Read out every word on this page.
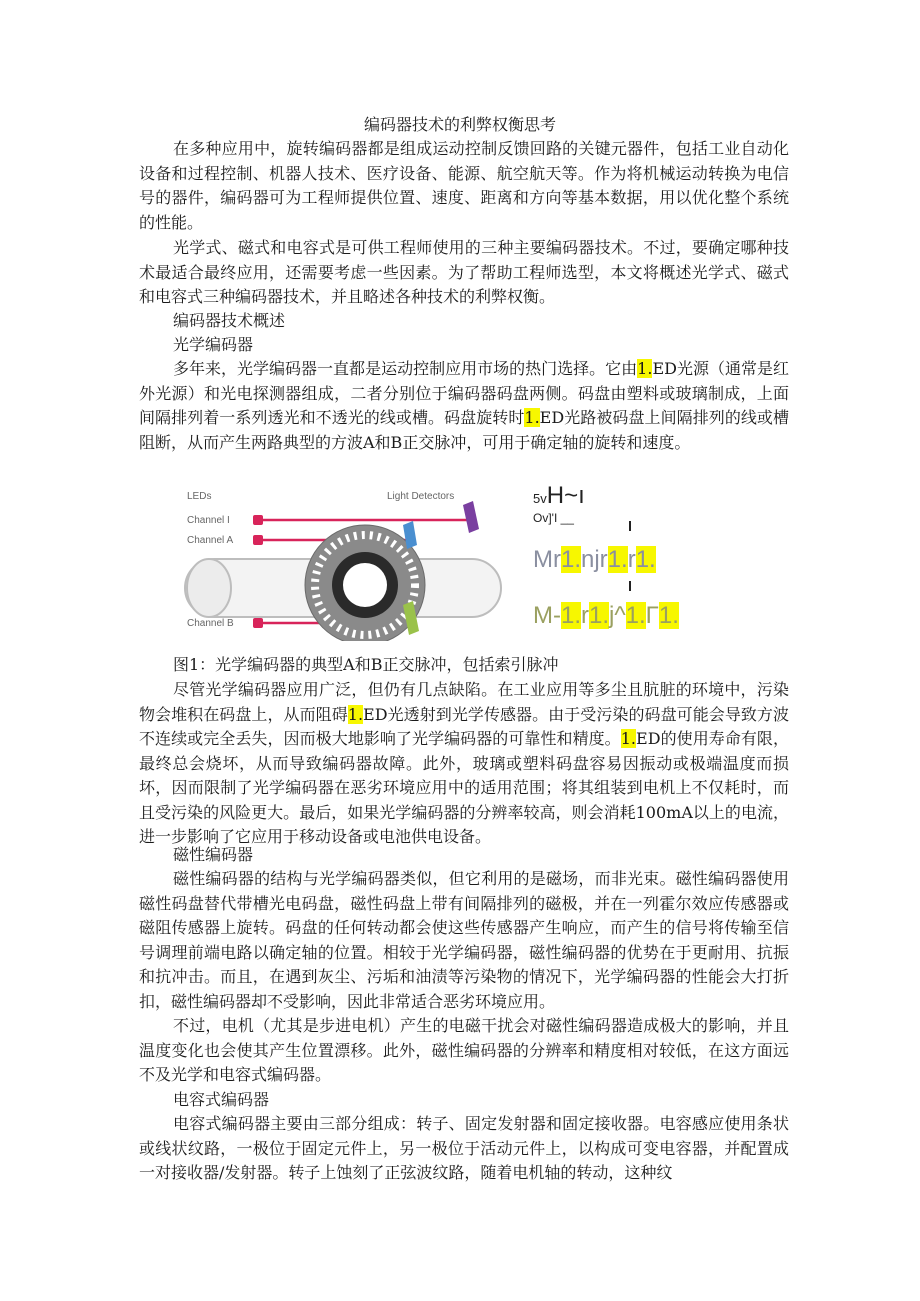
编码器技术的利弊权衡思考

在多种应用中，旋转编码器都是组成运动控制反馈回路的关键元器件，包括工业自动化设备和过程控制、机器人技术、医疗设备、能源、航空航天等。作为将机械运动转换为电信号的器件，编码器可为工程师提供位置、速度、距离和方向等基本数据，用以优化整个系统的性能。

光学式、磁式和电容式是可供工程师使用的三种主要编码器技术。不过，要确定哪种技术最适合最终应用，还需要考虑一些因素。为了帮助工程师选型，本文将概述光学式、磁式和电容式三种编码器技术，并且略述各种技术的利弊权衡。

编码器技术概述

光学编码器

多年来，光学编码器一直都是运动控制应用市场的热门选择。它由1.ED光源（通常是红外光源）和光电探测器组成，二者分别位于编码器码盘两侧。码盘由塑料或玻璃制成，上面间隔排列着一系列透光和不透光的线或槽。码盘旋转时1.ED光路被码盘上间隔排列的线或槽阻断，从而产生两路典型的方波A和B正交脉冲，可用于确定轴的旋转和速度。

LEDs	Light Detectors
Channel I
Channel A
Channel B
5vH~ı
Ov]'I __
Mr1.njr1.r1.
M-1.r1.j^1.Γ1.
图1：光学编码器的典型A和B正交脉冲，包括索引脉冲

尽管光学编码器应用广泛，但仍有几点缺陷。在工业应用等多尘且肮脏的环境中，污染物会堆积在码盘上，从而阻碍1.ED光透射到光学传感器。由于受污染的码盘可能会导致方波不连续或完全丢失，因而极大地影响了光学编码器的可靠性和精度。1.ED的使用寿命有限，最终总会烧坏，从而导致编码器故障。此外，玻璃或塑料码盘容易因振动或极端温度而损坏，因而限制了光学编码器在恶劣环境应用中的适用范围；将其组装到电机上不仅耗时，而且受污染的风险更大。最后，如果光学编码器的分辨率较高，则会消耗100mA以上的电流，进一步影响了它应用于移动设备或电池供电设备。

磁性编码器

磁性编码器的结构与光学编码器类似，但它利用的是磁场，而非光束。磁性编码器使用磁性码盘替代带槽光电码盘，磁性码盘上带有间隔排列的磁极，并在一列霍尔效应传感器或磁阻传感器上旋转。码盘的任何转动都会使这些传感器产生响应，而产生的信号将传输至信号调理前端电路以确定轴的位置。相较于光学编码器，磁性编码器的优势在于更耐用、抗振和抗冲击。而且，在遇到灰尘、污垢和油渍等污染物的情况下，光学编码器的性能会大打折扣，磁性编码器却不受影响，因此非常适合恶劣环境应用。

不过，电机（尤其是步进电机）产生的电磁干扰会对磁性编码器造成极大的影响，并且温度变化也会使其产生位置漂移。此外，磁性编码器的分辨率和精度相对较低，在这方面远不及光学和电容式编码器。

电容式编码器

电容式编码器主要由三部分组成：转子、固定发射器和固定接收器。电容感应使用条状或线状纹路，一极位于固定元件上，另一极位于活动元件上，以构成可变电容器，并配置成一对接收器/发射器。转子上蚀刻了正弦波纹路，随着电机轴的转动，这种纹
